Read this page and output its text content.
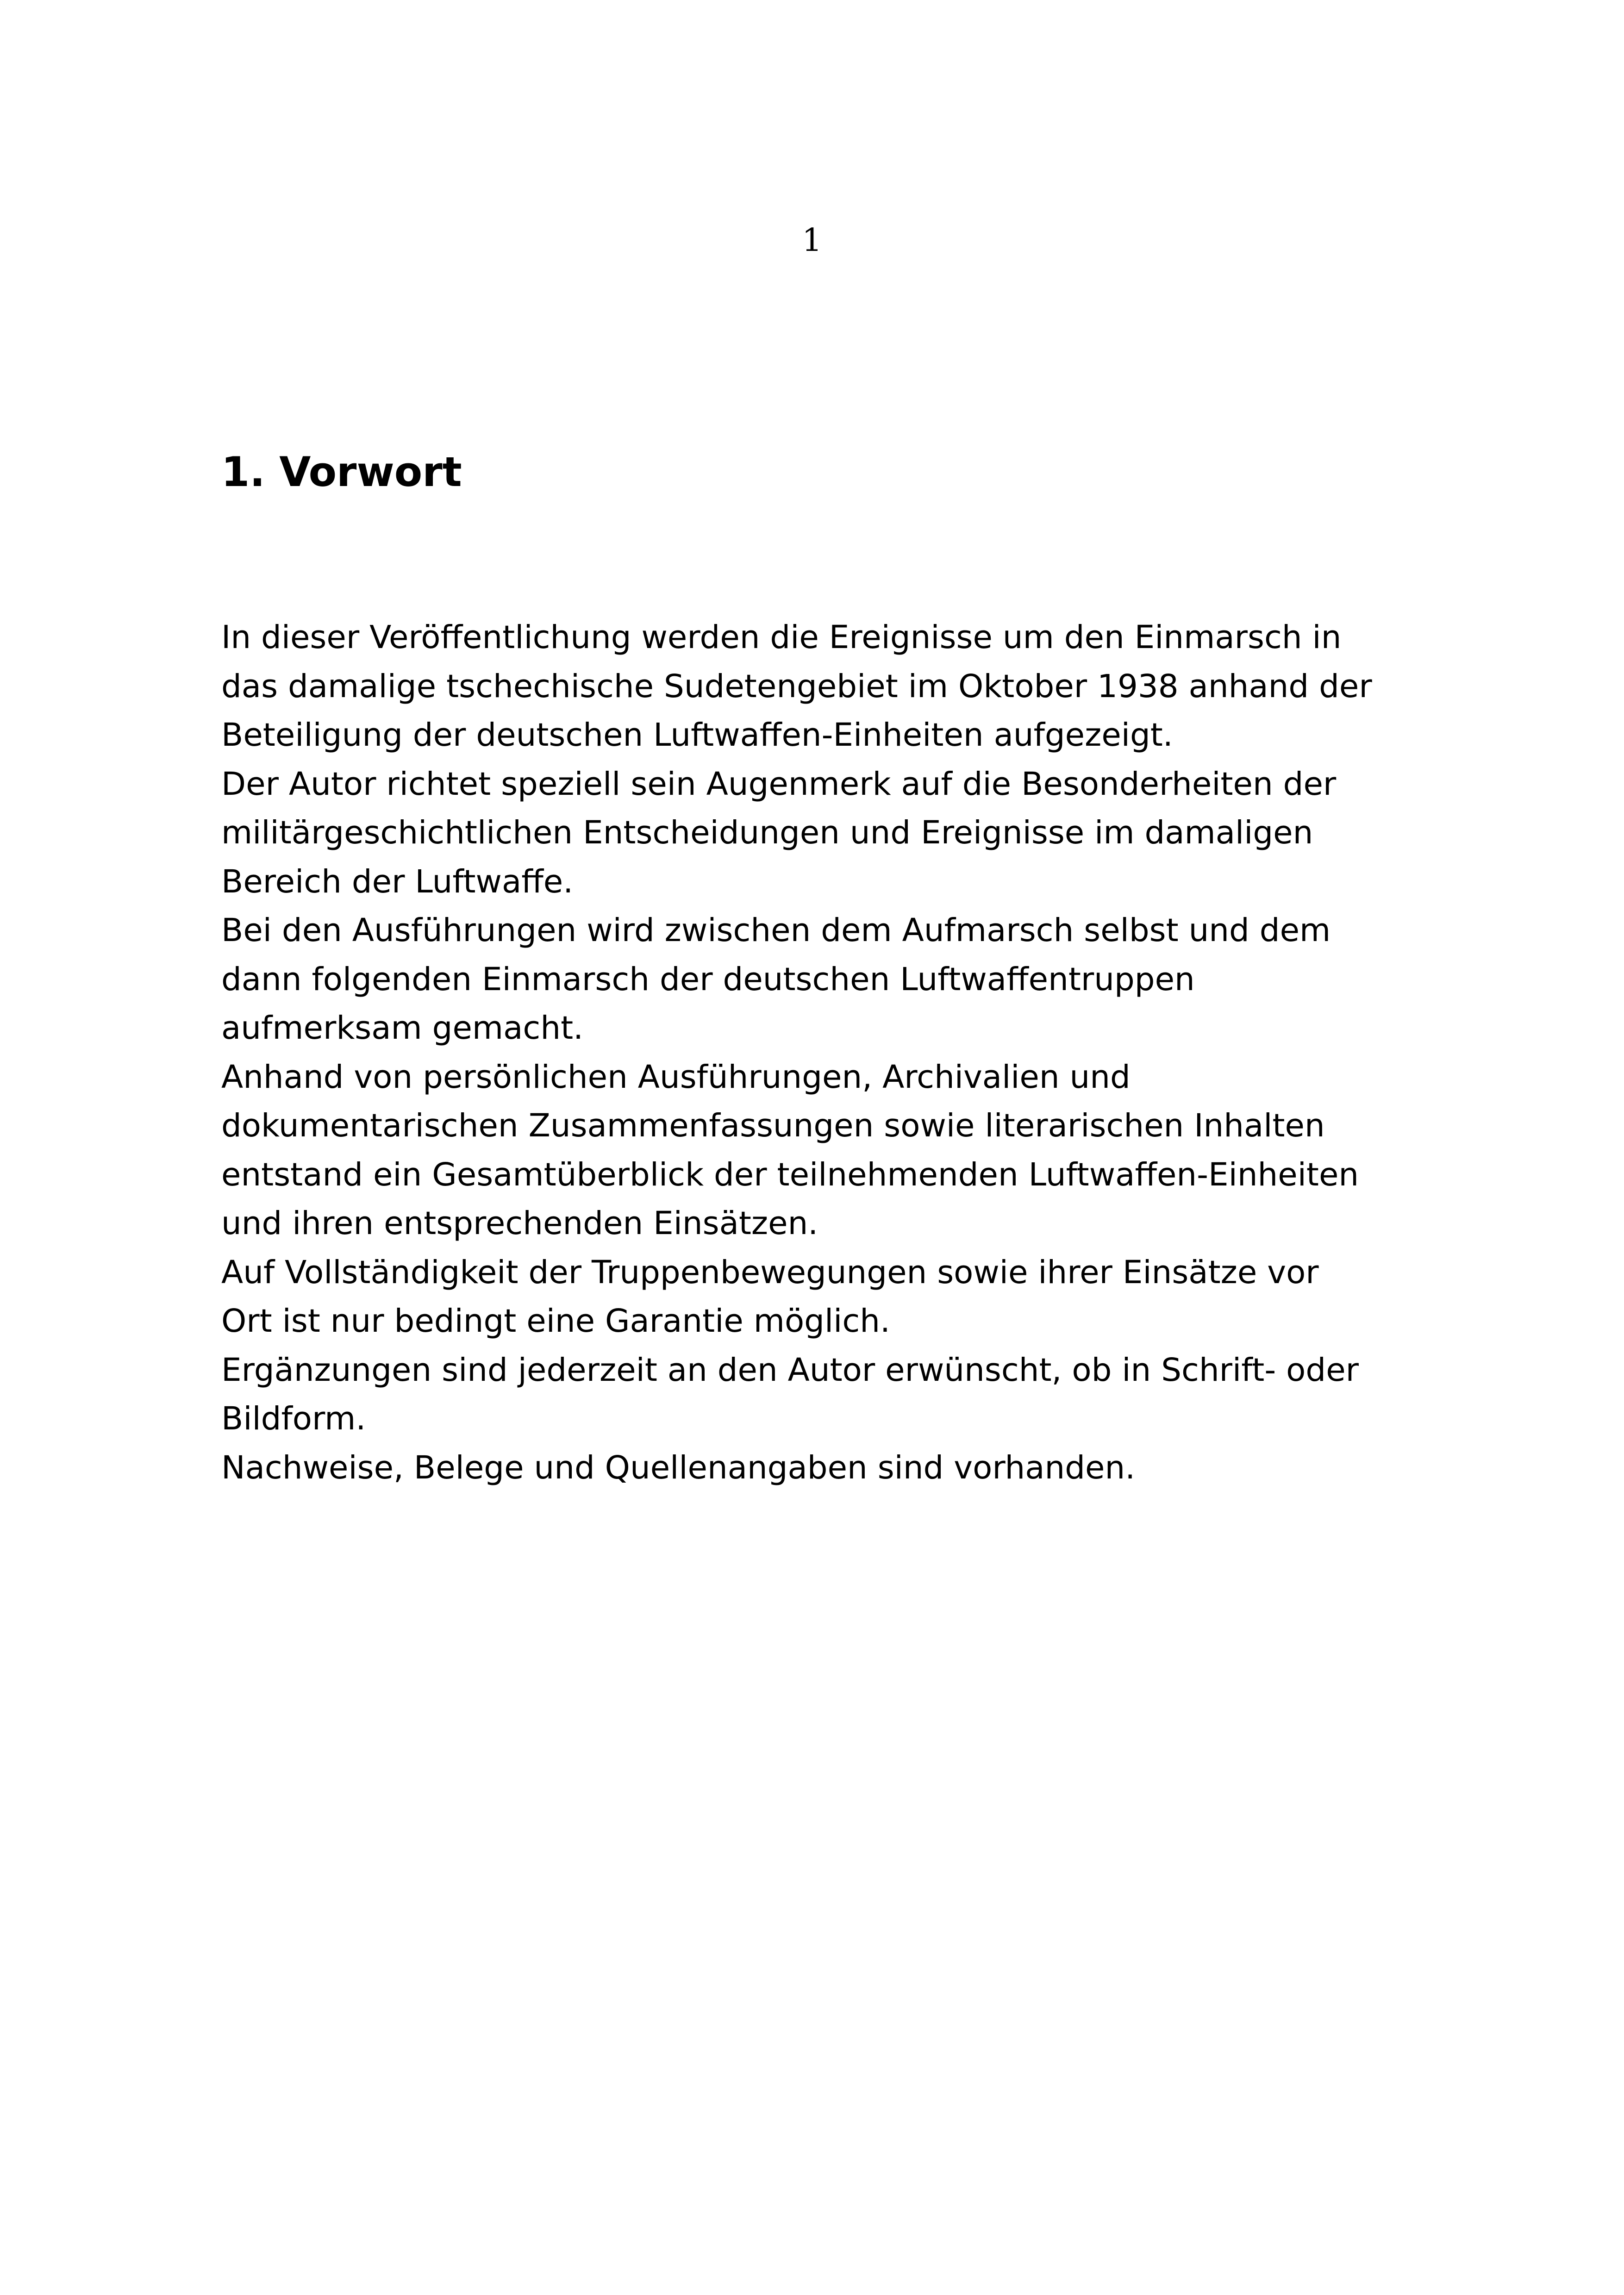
1
1. Vorwort
In dieser Veröffentlichung werden die Ereignisse um den Einmarsch in
das damalige tschechische Sudetengebiet im Oktober 1938 anhand der
Beteiligung der deutschen Luftwaffen-Einheiten aufgezeigt.
Der Autor richtet speziell sein Augenmerk auf die Besonderheiten der
militärgeschichtlichen Entscheidungen und Ereignisse im damaligen
Bereich der Luftwaffe.
Bei den Ausführungen wird zwischen dem Aufmarsch selbst und dem
dann folgenden Einmarsch der deutschen Luftwaffentruppen
aufmerksam gemacht.
Anhand von persönlichen Ausführungen, Archivalien und
dokumentarischen Zusammenfassungen sowie literarischen Inhalten
entstand ein Gesamtüberblick der teilnehmenden Luftwaffen-Einheiten
und ihren entsprechenden Einsätzen.
Auf Vollständigkeit der Truppenbewegungen sowie ihrer Einsätze vor
Ort ist nur bedingt eine Garantie möglich.
Ergänzungen sind jederzeit an den Autor erwünscht, ob in Schrift- oder
Bildform.
Nachweise, Belege und Quellenangaben sind vorhanden.
